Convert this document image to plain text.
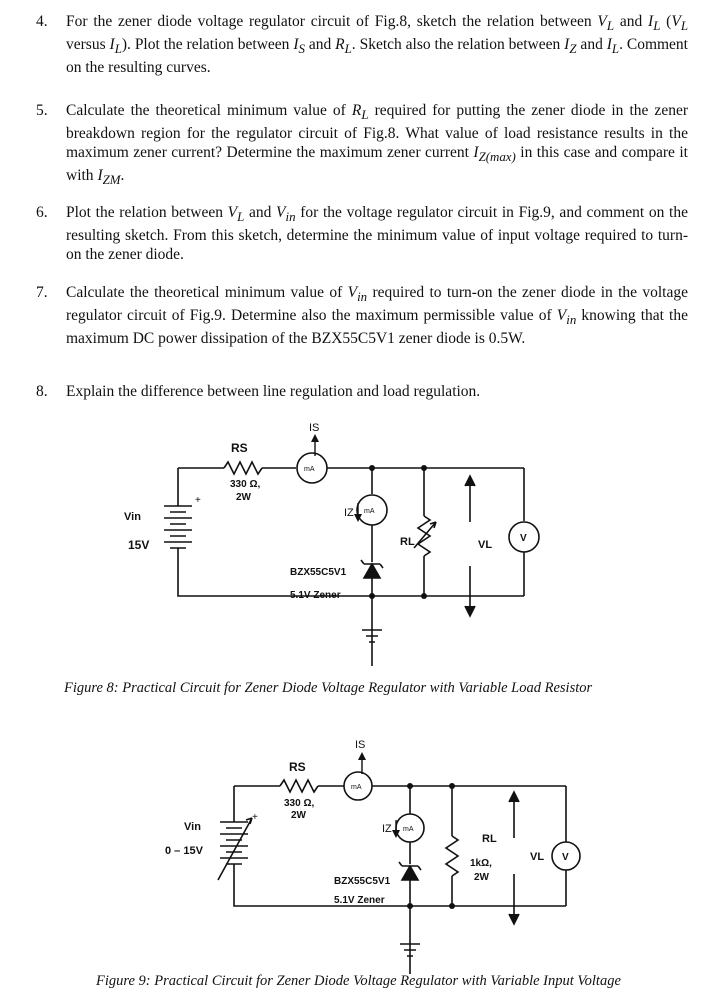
4. For the zener diode voltage regulator circuit of Fig.8, sketch the relation between $V_L$ and $I_L$ ($V_L$ versus $I_L$). Plot the relation between $I_S$ and $R_L$. Sketch also the relation between $I_Z$ and $I_L$. Comment on the resulting curves.
5. Calculate the theoretical minimum value of $R_L$ required for putting the zener diode in the zener breakdown region for the regulator circuit of Fig.8. What value of load resistance results in the maximum zener current? Determine the maximum zener current $I_{Z(max)}$ in this case and compare it with $I_{ZM}$.
6. Plot the relation between $V_L$ and $V_{in}$ for the voltage regulator circuit in Fig.9, and comment on the resulting sketch. From this sketch, determine the minimum value of input voltage required to turn-on the zener diode.
7. Calculate the theoretical minimum value of $V_{in}$ required to turn-on the zener diode in the voltage regulator circuit of Fig.9. Determine also the maximum permissible value of $V_{in}$ knowing that the maximum DC power dissipation of the BZX55C5V1 zener diode is 0.5W.
8. Explain the difference between line regulation and load regulation.
RS
330 Ω,
2W
IS
IZ
mA
mA
Vin
15V
+
BZX55C5V1
5.1V Zener
RL	VL
V
Figure 8: Practical Circuit for Zener Diode Voltage Regulator with Variable Load Resistor
RS
330 Ω,
2W
IS
IZ
mA
mA
Vin
0 – 15V
+
BZX55C5V1
5.1V Zener
RL
1kΩ,
2W
VL V
Figure 9: Practical Circuit for Zener Diode Voltage Regulator with Variable Input Voltage
